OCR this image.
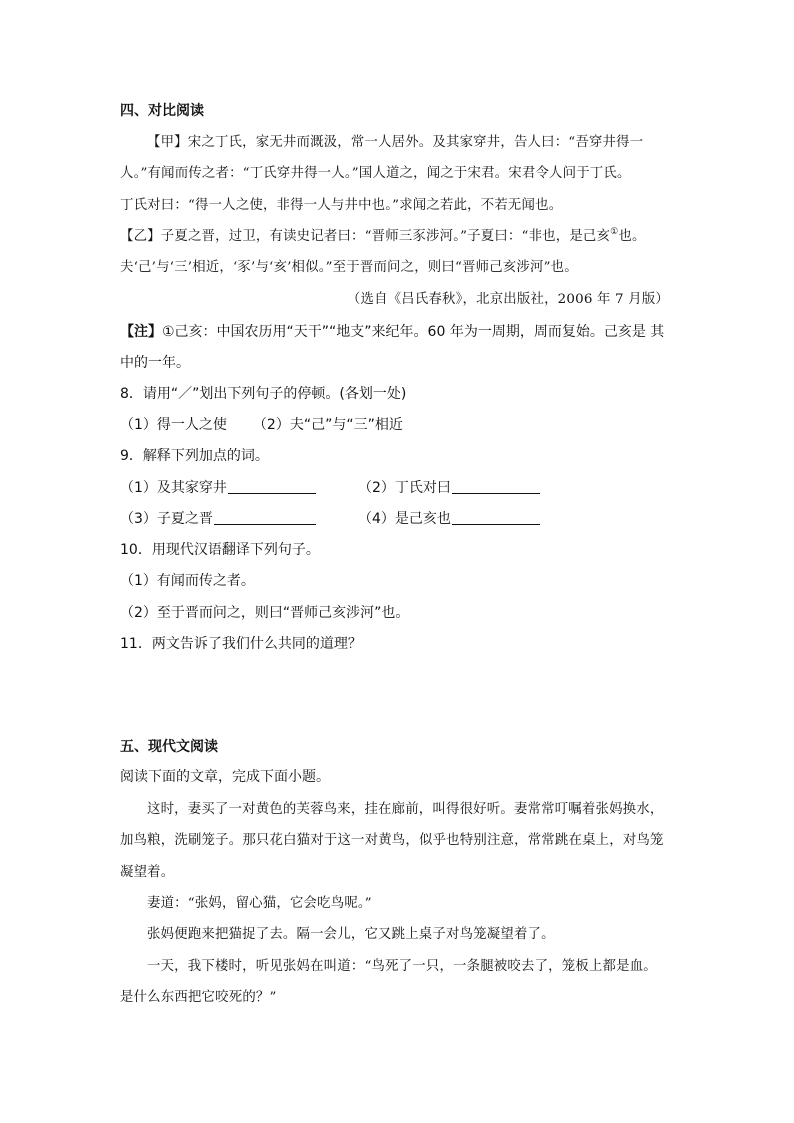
四、对比阅读
【甲】宋之丁氏，家无井而溉汲，常一人居外。及其家穿井，告人曰：“吾穿井得一
人。”有闻而传之者：“丁氏穿井得一人。”国人道之，闻之于宋君。宋君令人问于丁氏。
丁氏对曰：“得一人之使，非得一人与井中也。”求闻之若此，不若无闻也。
【乙】子夏之晋，过卫，有读史记者曰：“晋师三豕涉河。”子夏曰：“非也，是己亥①也。
夫‘己’与‘三’相近，‘豕’与‘亥’相似。”至于晋而问之，则曰“晋师己亥涉河”也。
（选自《吕氏春秋》，北京出版社，2006 年 7 月版）
【注】①己亥：中国农历用“天干”“地支”来纪年。60 年为一周期，周而复始。己亥是 其
中的一年。
8．请用“／”划出下列句子的停顿。(各划一处)
（1）得一人之使 （2）夫“己”与“三”相近
9．解释下列加点的词。
（1）及其家穿井	（2）丁氏对曰
（3）子夏之晋	（4）是己亥也
10．用现代汉语翻译下列句子。
（1）有闻而传之者。
（2）至于晋而问之，则曰“晋师己亥涉河”也。
11．两文告诉了我们什么共同的道理？
五、现代文阅读
阅读下面的文章，完成下面小题。
这时，妻买了一对黄色的芙蓉鸟来，挂在廊前，叫得很好听。妻常常叮嘱着张妈换水，
加鸟粮，洗刷笼子。那只花白猫对于这一对黄鸟，似乎也特别注意，常常跳在桌上，对鸟笼
凝望着。
妻道：“张妈，留心猫，它会吃鸟呢。”
张妈便跑来把猫捉了去。隔一会儿，它又跳上桌子对鸟笼凝望着了。
一天，我下楼时，听见张妈在叫道：“鸟死了一只，一条腿被咬去了，笼板上都是血。
是什么东西把它咬死的？”
